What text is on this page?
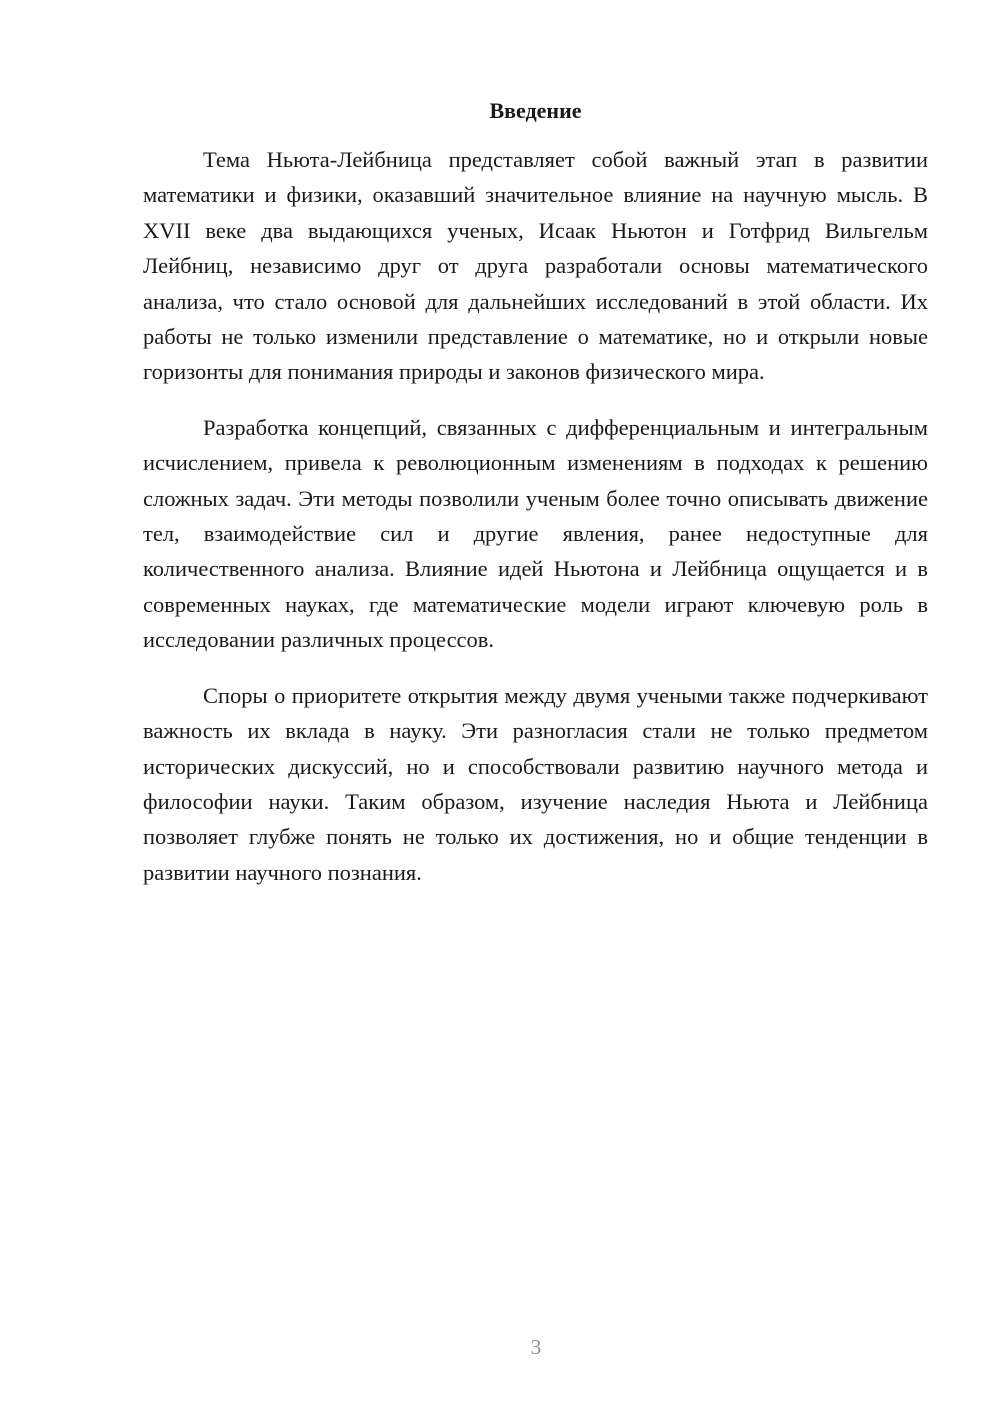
Введение

Тема Ньюта-Лейбница представляет собой важный этап в развитии математики и физики, оказавший значительное влияние на научную мысль. В XVII веке два выдающихся ученых, Исаак Ньютон и Готфрид Вильгельм Лейбниц, независимо друг от друга разработали основы математического анализа, что стало основой для дальнейших исследований в этой области. Их работы не только изменили представление о математике, но и открыли новые горизонты для понимания природы и законов физического мира.

Разработка концепций, связанных с дифференциальным и интегральным исчислением, привела к революционным изменениям в подходах к решению сложных задач. Эти методы позволили ученым более точно описывать движение тел, взаимодействие сил и другие явления, ранее недоступные для количественного анализа. Влияние идей Ньютона и Лейбница ощущается и в современных науках, где математические модели играют ключевую роль в исследовании различных процессов.

Споры о приоритете открытия между двумя учеными также подчеркивают важность их вклада в науку. Эти разногласия стали не только предметом исторических дискуссий, но и способствовали развитию научного метода и философии науки. Таким образом, изучение наследия Ньюта и Лейбница позволяет глубже понять не только их достижения, но и общие тенденции в развитии научного познания.

3
